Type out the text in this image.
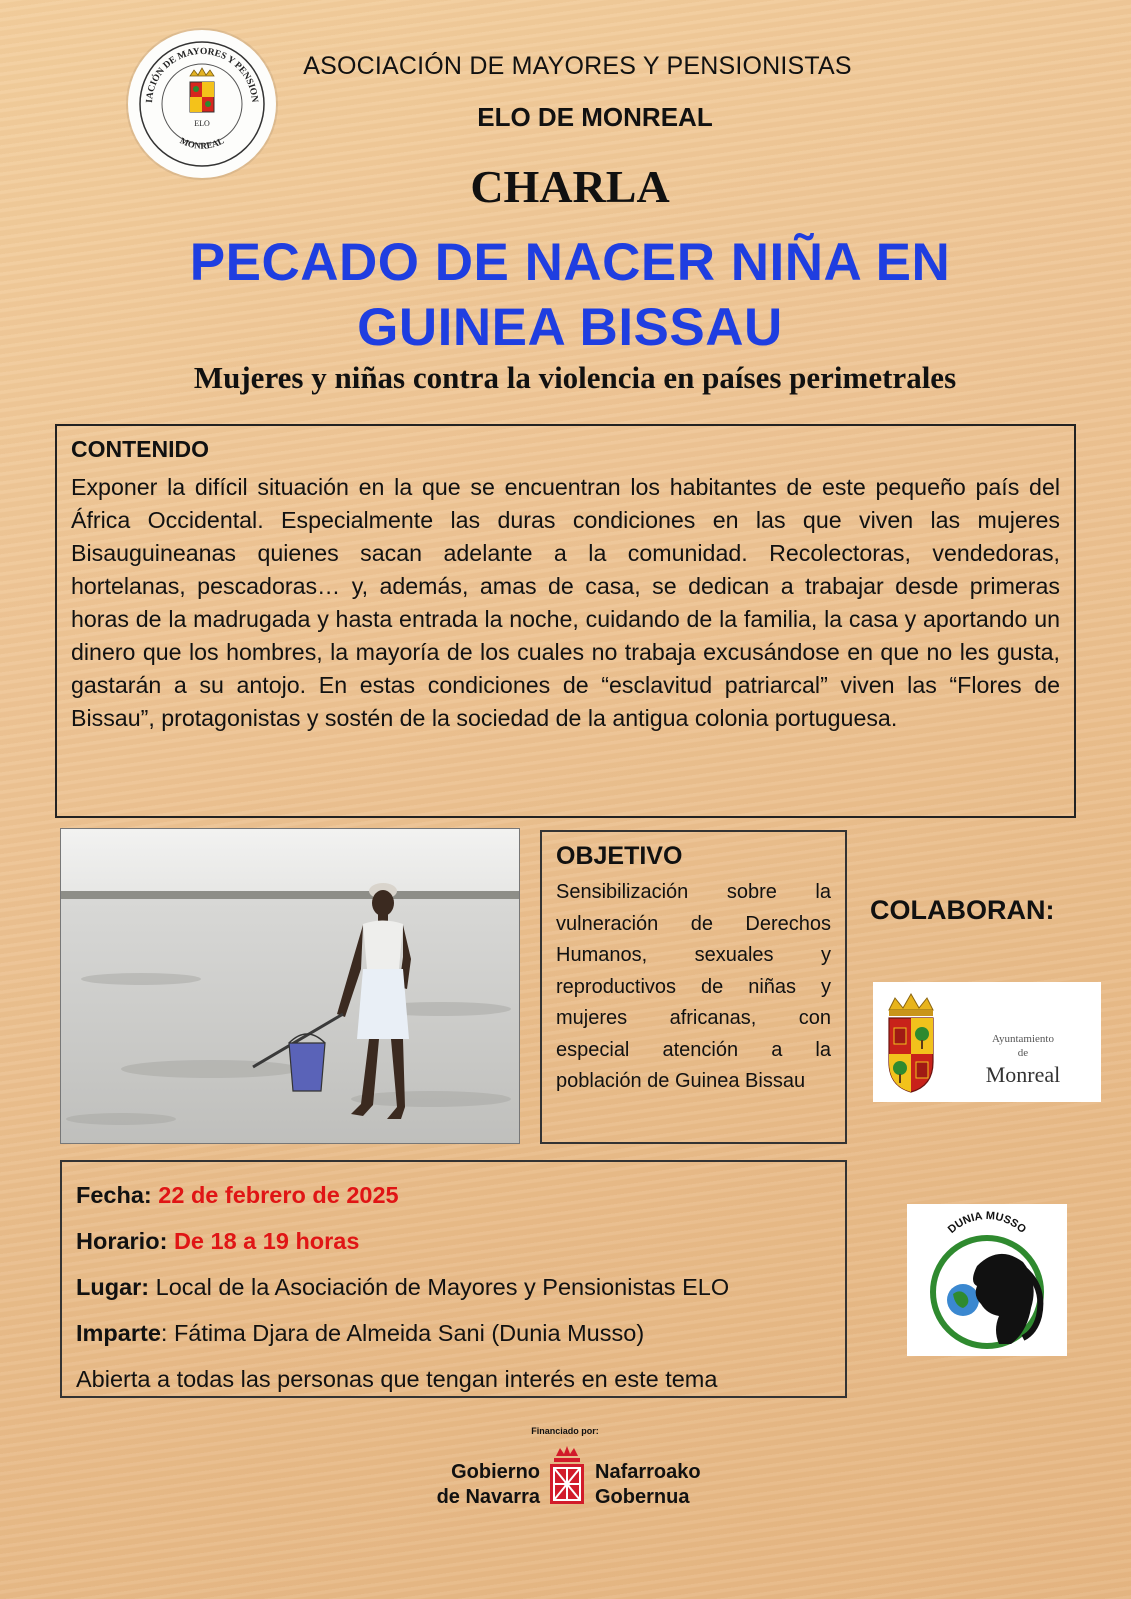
IACIÓN DE MAYORES Y PENSION
MONREAL
ELO
ASOCIACIÓN DE MAYORES Y PENSIONISTAS
ELO DE MONREAL
CHARLA
PECADO DE NACER NIÑA EN
GUINEA BISSAU
Mujeres y niñas contra la violencia en países perimetrales
CONTENIDO

Exponer la difícil situación en la que se encuentran los habitantes de este pequeño país del África Occidental. Especialmente las duras condiciones en las que viven las mujeres Bisauguineanas quienes sacan adelante a la comunidad. Recolectoras, vendedoras, hortelanas, pescadoras… y, además, amas de casa, se dedican a trabajar desde primeras horas de la madrugada y hasta entrada la noche, cuidando de la familia, la casa y aportando un dinero que los hombres, la mayoría de los cuales no trabaja excusándose en que no les gusta, gastarán a su antojo. En estas condiciones de “esclavitud patriarcal” viven las “Flores de Bissau”, protagonistas y sostén de la sociedad de la antigua colonia portuguesa.

OBJETIVO

Sensibilización sobre la vulneración de Derechos Humanos, sexuales y reproductivos de niñas y mujeres africanas, con especial atención a la población de Guinea Bissau

COLABORAN:
Ayuntamiento
de
Monreal
DUNIA MUSSO
Fecha: 22 de febrero de 2025
Horario: De 18 a 19 horas
Lugar: Local de la Asociación de Mayores y Pensionistas ELO
Imparte: Fátima Djara de Almeida Sani (Dunia Musso)
Abierta a todas las personas que tengan interés en este tema
Financiado por:
Gobierno
de Navarra
Nafarroako
Gobernua
